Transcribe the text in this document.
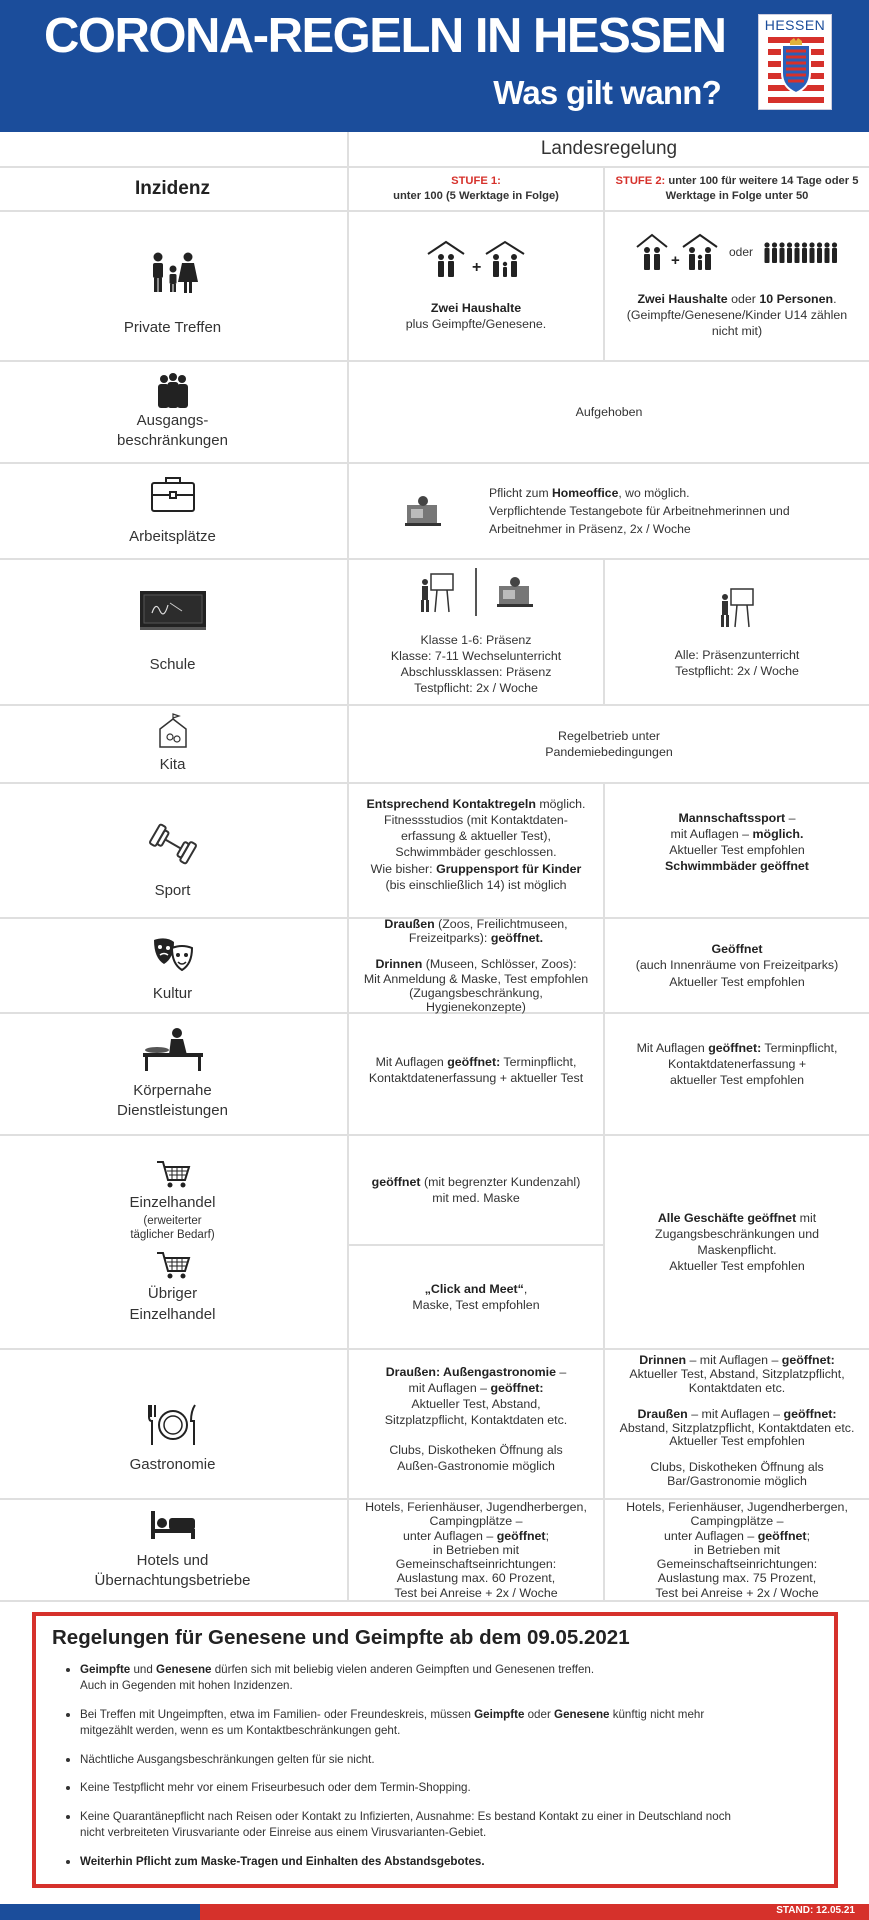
CORONA-REGELN IN HESSEN
Was gilt wann?
HESSEN
Landesregelung
Inzidenz	STUFE 1:
unter 100 (5 Werktage in Folge)
STUFE 2: unter 100 für weitere 14 Tage oder 5 Werktage in Folge unter 50
Private Treffen
+
Zwei Haushalte
plus Geimpfte/Genesene.
+	oder
Zwei Haushalte oder 10 Personen.
(Geimpfte/Genesene/Kinder U14 zählen nicht mit)
Ausgangs-
beschränkungen
Aufgehoben
Arbeitsplätze
Pflicht zum Homeoffice, wo möglich.
Verpflichtende Testangebote für Arbeitnehmerinnen und
Arbeitnehmer in Präsenz, 2x / Woche
Schule
Klasse 1-6: Präsenz
Klasse: 7-11 Wechselunterricht
Abschlussklassen: Präsenz
Testpflicht: 2x / Woche
Alle: Präsenzunterricht
Testpflicht: 2x / Woche
Kita
Regelbetrieb unter
Pandemiebedingungen
Sport
Entsprechend Kontaktregeln möglich.
Fitnessstudios (mit Kontaktdaten-
erfassung & aktueller Test),
Schwimmbäder geschlossen.
Wie bisher: Gruppensport für Kinder
(bis einschließlich 14) ist möglich
Mannschaftssport –
mit Auflagen – möglich.
Aktueller Test empfohlen
Schwimmbäder geöffnet
Kultur
Draußen (Zoos, Freilichtmuseen,
Freizeitparks): geöffnet.
Drinnen (Museen, Schlösser, Zoos):
Mit Anmeldung & Maske, Test empfohlen
(Zugangsbeschränkung,
Hygienekonzepte)
Geöffnet
(auch Innenräume von Freizeitparks)
Aktueller Test empfohlen
Körpernahe
Dienstleistungen
Mit Auflagen geöffnet: Terminpflicht,
Kontaktdatenerfassung + aktueller Test
Mit Auflagen geöffnet: Terminpflicht,
Kontaktdatenerfassung +
aktueller Test empfohlen
Einzelhandel
(erweiterter
täglicher Bedarf)
Übriger
Einzelhandel
geöffnet (mit begrenzter Kundenzahl)
mit med. Maske
„Click and Meet“,
Maske, Test empfohlen
Alle Geschäfte geöffnet mit
Zugangsbeschränkungen und
Maskenpflicht.
Aktueller Test empfohlen
Gastronomie
Draußen: Außengastronomie –
mit Auflagen – geöffnet:
Aktueller Test, Abstand,
Sitzplatzpflicht, Kontaktdaten etc.
Clubs, Diskotheken Öffnung als
Außen-Gastronomie möglich
Drinnen – mit Auflagen – geöffnet:
Aktueller Test, Abstand, Sitzplatzpflicht,
Kontaktdaten etc.
Draußen – mit Auflagen – geöffnet:
Abstand, Sitzplatzpflicht, Kontaktdaten etc.
Aktueller Test empfohlen
Clubs, Diskotheken Öffnung als
Bar/Gastronomie möglich
Hotels und
Übernachtungsbetriebe
Hotels, Ferienhäuser, Jugendherbergen,
Campingplätze –
unter Auflagen – geöffnet;
in Betrieben mit
Gemeinschaftseinrichtungen:
Auslastung max. 60 Prozent,
Test bei Anreise + 2x / Woche
Hotels, Ferienhäuser, Jugendherbergen,
Campingplätze –
unter Auflagen – geöffnet;
in Betrieben mit
Gemeinschaftseinrichtungen:
Auslastung max. 75 Prozent,
Test bei Anreise + 2x / Woche
Regelungen für Genesene und Geimpfte ab dem 09.05.2021
Geimpfte und Genesene dürfen sich mit beliebig vielen anderen Geimpften und Genesenen treffen.
Auch in Gegenden mit hohen Inzidenzen.
Bei Treffen mit Ungeimpften, etwa im Familien- oder Freundeskreis, müssen Geimpfte oder Genesene künftig nicht mehr
mitgezählt werden, wenn es um Kontaktbeschränkungen geht.
Nächtliche Ausgangsbeschränkungen gelten für sie nicht.
Keine Testpflicht mehr vor einem Friseurbesuch oder dem Termin-Shopping.
Keine Quarantänepflicht nach Reisen oder Kontakt zu Infizierten, Ausnahme: Es bestand Kontakt zu einer in Deutschland noch
nicht verbreiteten Virusvariante oder Einreise aus einem Virusvarianten-Gebiet.
Weiterhin Pflicht zum Maske-Tragen und Einhalten des Abstandsgebotes.
STAND: 12.05.21
